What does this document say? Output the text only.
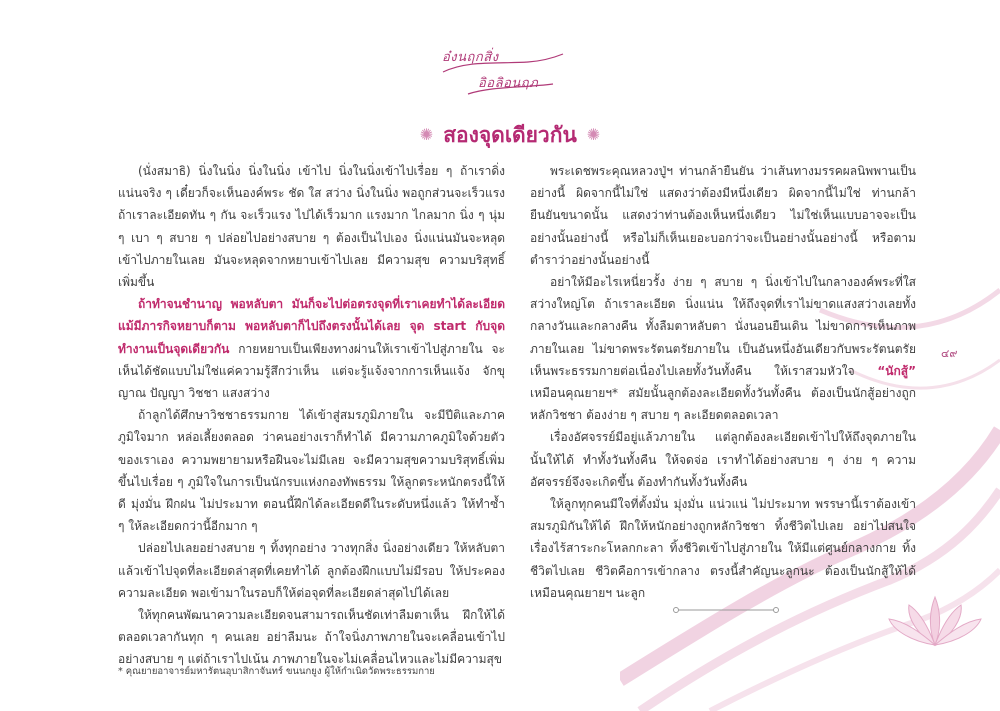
อ๋งนฤกสิ่ง
อิอลิอนฤภ
✺ สองจุดเดียวกัน ✺

(นั่งสมาธิ) นิ่งในนิ่ง นิ่งในนิ่ง เข้าไป นิ่งในนิ่งเข้าไปเรื่อย ๆ ถ้าเราดิ่งแน่นจริง ๆ เดี๋ยวก็จะเห็นองค์พระ ชัด ใส สว่าง นิ่งในนิ่ง พอถูกส่วนจะเร็วแรง ถ้าเราละเอียดทัน ๆ กัน จะเร็วแรง ไปได้เร็วมาก แรงมาก ไกลมาก นิ่ง ๆ นุ่ม ๆ เบา ๆ สบาย ๆ ปล่อยไปอย่างสบาย ๆ ต้องเป็นไปเอง นิ่งแน่นมันจะหลุดเข้าไปภายในเลย มันจะหลุดจากหยาบเข้าไปเลย มีความสุข ความบริสุทธิ์เพิ่มขึ้น

ถ้าทำจนชำนาญ พอหลับตา มันก็จะไปต่อตรงจุดที่เราเคยทำได้ละเอียด แม้มีภารกิจหยาบก็ตาม พอหลับตาก็ไปถึงตรงนั้นได้เลย จุด start กับจุดทำงานเป็นจุดเดียวกัน กายหยาบเป็นเพียงทางผ่านให้เราเข้าไปสู่ภายใน จะเห็นได้ชัดแบบไม่ใช่แค่ความรู้สึกว่าเห็น แต่จะรู้แจ้งจากการเห็นแจ้ง จักขุ ญาณ ปัญญา วิชชา แสงสว่าง

ถ้าลูกได้ศึกษาวิชชาธรรมกาย ได้เข้าสู่สมรภูมิภายใน จะมีปีติและภาคภูมิใจมาก หล่อเลี้ยงตลอด ว่าคนอย่างเราก็ทำได้ มีความภาคภูมิใจด้วยตัวของเราเอง ความพยายามหรือฝืนจะไม่มีเลย จะมีความสุขความบริสุทธิ์เพิ่มขึ้นไปเรื่อย ๆ ภูมิใจในการเป็นนักรบแห่งกองทัพธรรม ให้ลูกตระหนักตรงนี้ให้ดี มุ่งมั่น ฝึกฝน ไม่ประมาท ตอนนี้ฝึกได้ละเอียดดีในระดับหนึ่งแล้ว ให้ทำซ้ำ ๆ ให้ละเอียดกว่านี้อีกมาก ๆ

ปล่อยไปเลยอย่างสบาย ๆ ทิ้งทุกอย่าง วางทุกสิ่ง นิ่งอย่างเดียว ให้หลับตาแล้วเข้าไปจุดที่ละเอียดล่าสุดที่เคยทำได้ ลูกต้องฝึกแบบไม่มีรอบ ให้ประคองความละเอียด พอเข้ามาในรอบก็ให้ต่อจุดที่ละเอียดล่าสุดไปได้เลย

ให้ทุกคนพัฒนาความละเอียดจนสามารถเห็นชัดเท่าลืมตาเห็น ฝึกให้ได้ตลอดเวลากันทุก ๆ คนเลย อย่าลืมนะ ถ้าใจนิ่งภาพภายในจะเคลื่อนเข้าไปอย่างสบาย ๆ แต่ถ้าเราไปเน้น ภาพภายในจะไม่เคลื่อนไหวและไม่มีความสุข

พระเดชพระคุณหลวงปู่ฯ ท่านกล้ายืนยัน ว่าเส้นทางมรรคผลนิพพานเป็นอย่างนี้ ผิดจากนี้ไม่ใช่ แสดงว่าต้องมีหนึ่งเดียว ผิดจากนี้ไม่ใช่ ท่านกล้ายืนยันขนาดนั้น แสดงว่าท่านต้องเห็นหนึ่งเดียว ไม่ใช่เห็นแบบอาจจะเป็นอย่างนั้นอย่างนี้ หรือไม่ก็เห็นเยอะบอกว่าจะเป็นอย่างนั้นอย่างนี้ หรือตามตำราว่าอย่างนั้นอย่างนี้

อย่าให้มีอะไรเหนี่ยวรั้ง ง่าย ๆ สบาย ๆ นิ่งเข้าไปในกลางองค์พระที่ใสสว่างใหญ่โต ถ้าเราละเอียด นิ่งแน่น ให้ถึงจุดที่เราไม่ขาดแสงสว่างเลยทั้งกลางวันและกลางคืน ทั้งลืมตาหลับตา นั่งนอนยืนเดิน ไม่ขาดการเห็นภาพภายในเลย ไม่ขาดพระรัตนตรัยภายใน เป็นอันหนึ่งอันเดียวกับพระรัตนตรัย เห็นพระธรรมกายต่อเนื่องไปเลยทั้งวันทั้งคืน ให้เราสวมหัวใจ “นักสู้” เหมือนคุณยายฯ* สมัยนั้นลูกต้องละเอียดทั้งวันทั้งคืน ต้องเป็นนักสู้อย่างถูกหลักวิชชา ต้องง่าย ๆ สบาย ๆ ละเอียดตลอดเวลา

เรื่องอัศจรรย์มีอยู่แล้วภายใน แต่ลูกต้องละเอียดเข้าไปให้ถึงจุดภายในนั้นให้ได้ ทำทั้งวันทั้งคืน ให้จดจ่อ เราทำได้อย่างสบาย ๆ ง่าย ๆ ความอัศจรรย์จึงจะเกิดขึ้น ต้องทำกันทั้งวันทั้งคืน

ให้ลูกทุกคนมีใจที่ตั้งมั่น มุ่งมั่น แน่วแน่ ไม่ประมาท พรรษานี้เราต้องเข้าสมรภูมิกันให้ได้ ฝึกให้หนักอย่างถูกหลักวิชชา ทิ้งชีวิตไปเลย อย่าไปสนใจเรื่องไร้สาระกะโหลกกะลา ทิ้งชีวิตเข้าไปสู่ภายใน ให้มีแต่ศูนย์กลางกาย ทิ้งชีวิตไปเลย ชีวิตคือการเข้ากลาง ตรงนี้สำคัญนะลูกนะ ต้องเป็นนักสู้ให้ได้เหมือนคุณยายฯ นะลูก

๔๙
* คุณยายอาจารย์มหารัตนอุบาสิกาจันทร์ ขนนกยูง ผู้ให้กำเนิดวัดพระธรรมกาย
